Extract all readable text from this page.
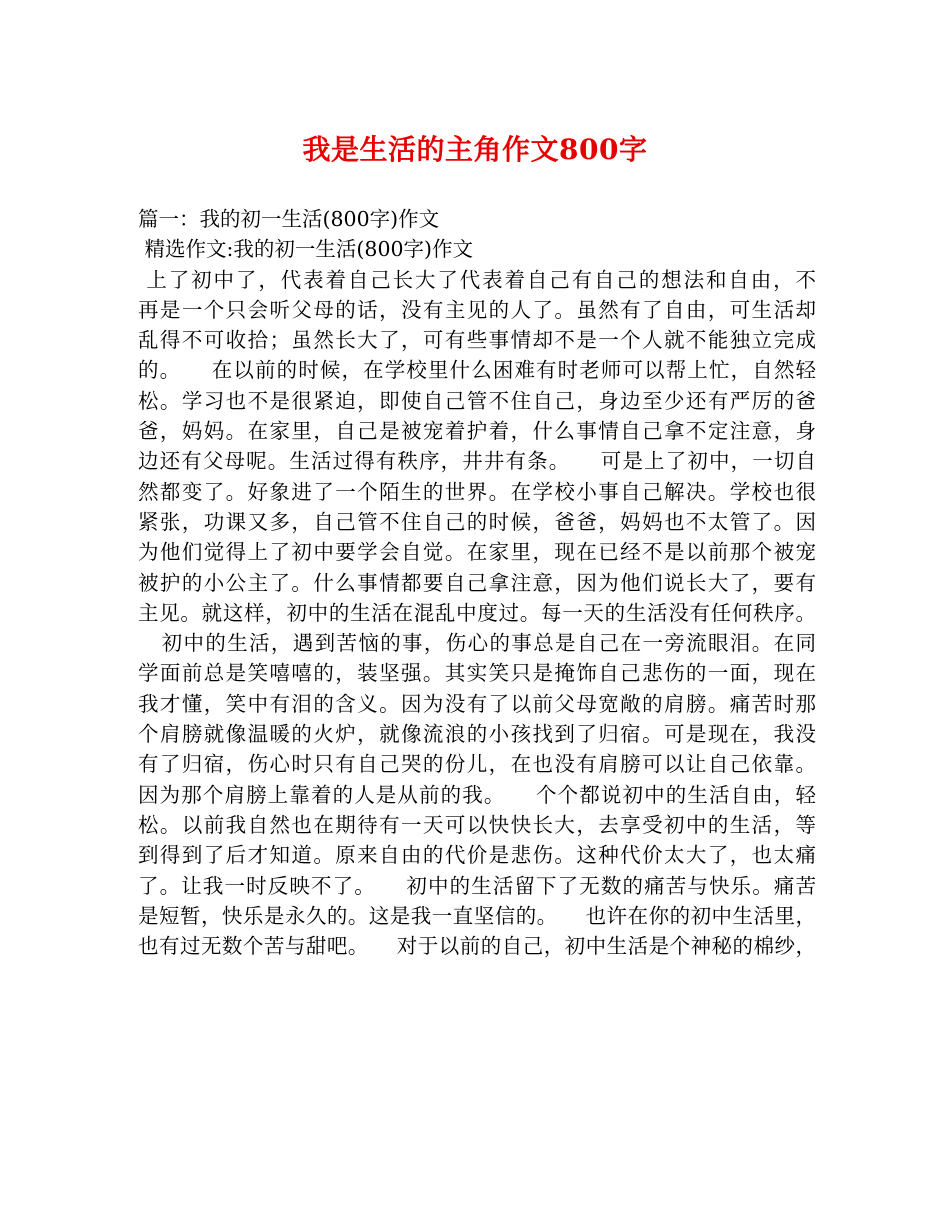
我是生活的主角作文800字
篇一：我的初一生活(800字)作文
精选作文:我的初一生活(800字)作文
上了初中了，代表着自己长大了代表着自己有自己的想法和自由，不
再是一个只会听父母的话，没有主见的人了。虽然有了自由，可生活却
乱得不可收拾；虽然长大了，可有些事情却不是一个人就不能独立完成
的。    在以前的时候，在学校里什么困难有时老师可以帮上忙，自然轻
松。学习也不是很紧迫，即使自己管不住自己，身边至少还有严厉的爸
爸，妈妈。在家里，自己是被宠着护着，什么事情自己拿不定注意，身
边还有父母呢。生活过得有秩序，井井有条。    可是上了初中，一切自
然都变了。好象进了一个陌生的世界。在学校小事自己解决。学校也很
紧张，功课又多，自己管不住自己的时候，爸爸，妈妈也不太管了。因
为他们觉得上了初中要学会自觉。在家里，现在已经不是以前那个被宠
被护的小公主了。什么事情都要自己拿注意，因为他们说长大了，要有
主见。就这样，初中的生活在混乱中度过。每一天的生活没有任何秩序。
初中的生活，遇到苦恼的事，伤心的事总是自己在一旁流眼泪。在同
学面前总是笑嘻嘻的，装坚强。其实笑只是掩饰自己悲伤的一面，现在
我才懂，笑中有泪的含义。因为没有了以前父母宽敞的肩膀。痛苦时那
个肩膀就像温暖的火炉，就像流浪的小孩找到了归宿。可是现在，我没
有了归宿，伤心时只有自己哭的份儿，在也没有肩膀可以让自己依靠。
因为那个肩膀上靠着的人是从前的我。    个个都说初中的生活自由，轻
松。以前我自然也在期待有一天可以快快长大，去享受初中的生活，等
到得到了后才知道。原来自由的代价是悲伤。这种代价太大了，也太痛
了。让我一时反映不了。    初中的生活留下了无数的痛苦与快乐。痛苦
是短暂，快乐是永久的。这是我一直坚信的。    也许在你的初中生活里，
也有过无数个苦与甜吧。    对于以前的自己，初中生活是个神秘的棉纱，
